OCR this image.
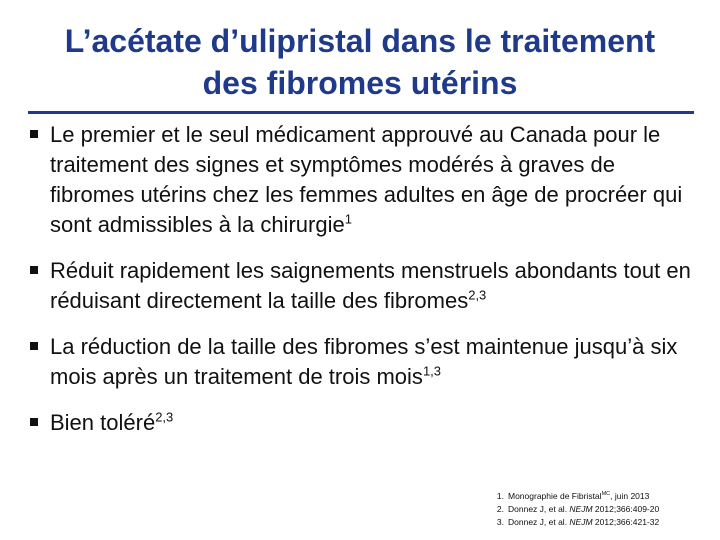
L’acétate d’ulipristal dans le traitement
des fibromes utérins
Le premier et le seul médicament approuvé au Canada pour le traitement des signes et symptômes modérés à graves de fibromes utérins chez les femmes adultes en âge de procréer qui sont admissibles à la chirurgie$^1$
Réduit rapidement les saignements menstruels abondants tout en réduisant directement la taille des fibromes$^{2,3}$
La réduction de la taille des fibromes s’est maintenue jusqu’à six mois après un traitement de trois mois$^{1,3}$
Bien toléré$^{2,3}$
1. Monographie de Fibristal$^{MC}$, juin 2013
2. Donnez J, et al. NEJM 2012;366:409-20
3. Donnez J, et al. NEJM 2012;366:421-32
